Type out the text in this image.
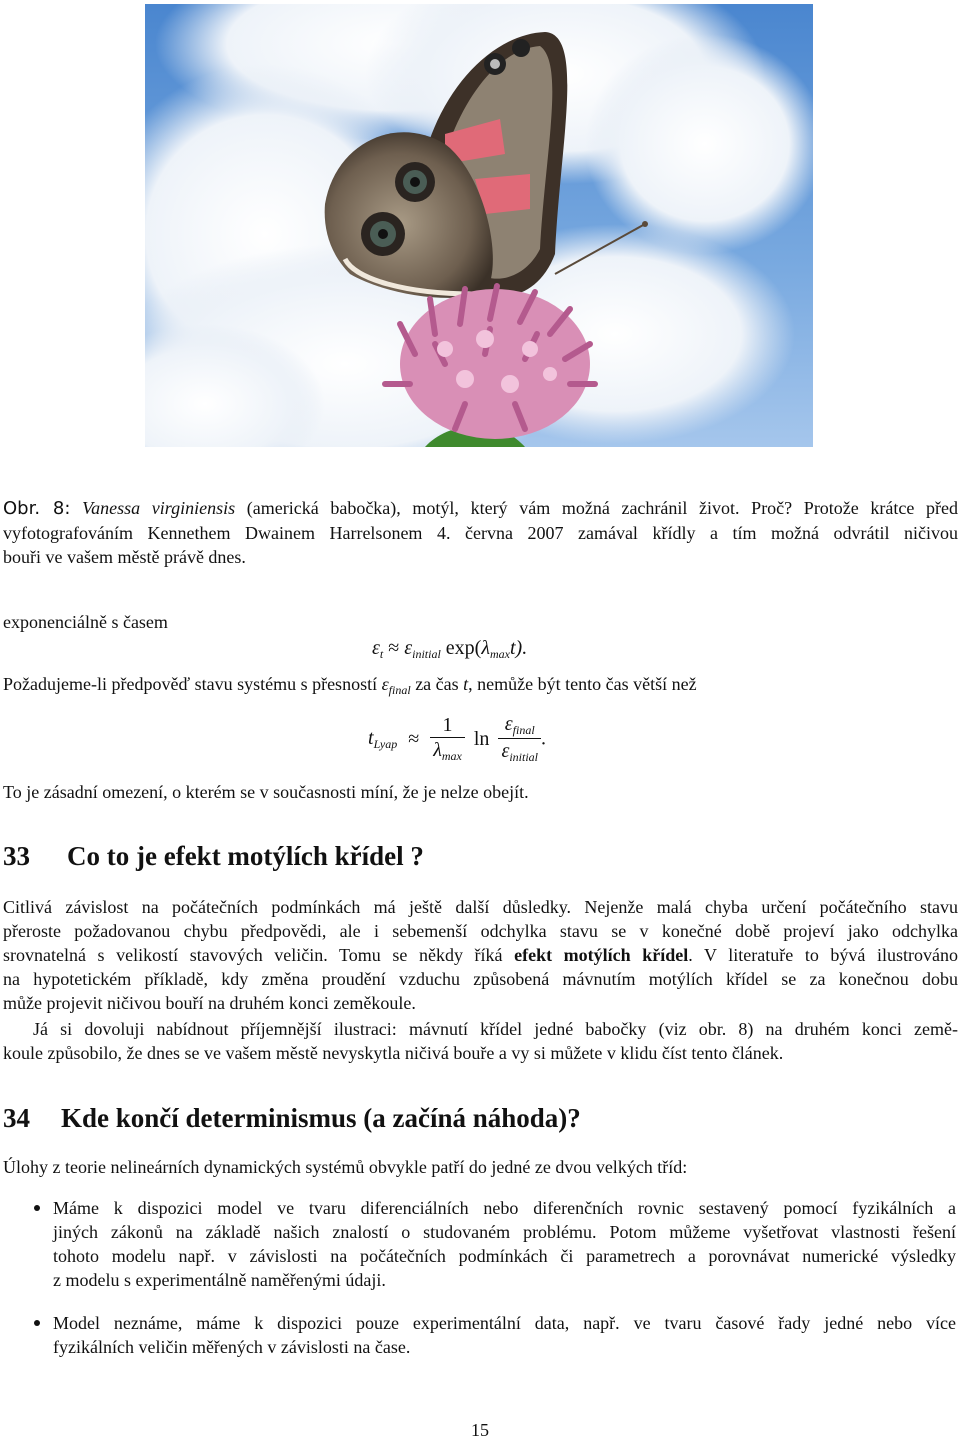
Obr. 8: Vanessa virginiensis (americká babočka), motýl, který vám možná zachránil život. Proč? Protože krátce před
vyfotografováním Kennethem Dwainem Harrelsonem 4. června 2007 zamával křídly a tím možná odvrátil ničivou
bouři ve vašem městě právě dnes.
exponenciálně s časem
$\varepsilon_t \approx \varepsilon_{initial}$ $\exp(\lambda_{max}t)$.
Požadujeme-li předpověď stavu systému s přesností $\varepsilon_{final}$ za čas t, nemůže být tento čas větší než
$t_{Lyap} \approx \frac{1}{\lambda_{max}}$ $\ln \frac{\varepsilon_{final}}{\varepsilon_{initial}}$ .
To je zásadní omezení, o kterém se v současnosti míní, že je nelze obejít.
33 Co to je efekt motýlích křídel ?
Citlivá závislost na počátečních podmínkách má ještě další důsledky. Nejenže malá chyba určení počátečního stavu
přeroste požadovanou chybu předpovědi, ale i sebemenší odchylka stavu se v konečné době projeví jako odchylka
srovnatelná s velikostí stavových veličin. Tomu se někdy říká efekt motýlích křídel. V literatuře to bývá ilustrováno
na hypotetickém příkladě, kdy změna proudění vzduchu způsobená mávnutím motýlích křídel se za konečnou dobu
může projevit ničivou bouří na druhém konci zeměkoule.
Já si dovoluji nabídnout příjemnější ilustraci: mávnutí křídel jedné babočky (viz obr. 8) na druhém konci země-
koule způsobilo, že dnes se ve vašem městě nevyskytla ničivá bouře a vy si můžete v klidu číst tento článek.
34 Kde končí determinismus (a začíná náhoda)?
Úlohy z teorie nelineárních dynamických systémů obvykle patří do jedné ze dvou velkých tříd:
Máme k dispozici model ve tvaru diferenciálních nebo diferenčních rovnic sestavený pomocí fyzikálních a
jiných zákonů na základě našich znalostí o studovaném problému. Potom můžeme vyšetřovat vlastnosti řešení
tohoto modelu např. v závislosti na počátečních podmínkách či parametrech a porovnávat numerické výsledky
z modelu s experimentálně naměřenými údaji.
Model neznáme, máme k dispozici pouze experimentální data, např. ve tvaru časové řady jedné nebo více
fyzikálních veličin měřených v závislosti na čase.
15
